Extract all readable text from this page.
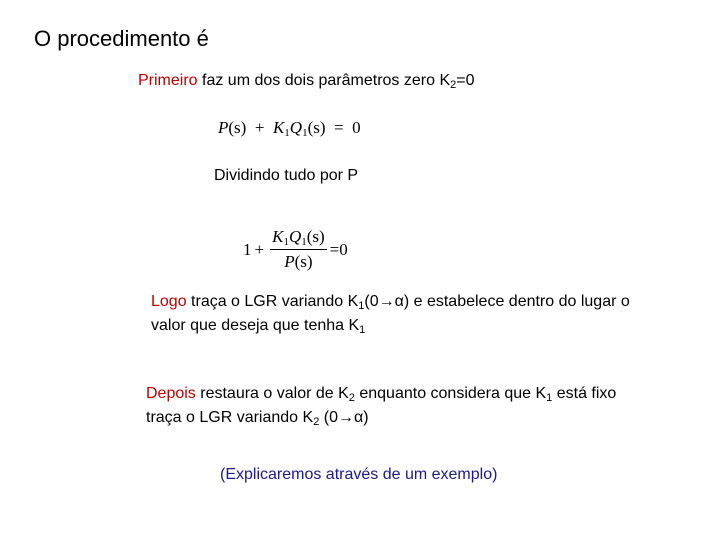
O procedimento é
Primeiro faz um dos dois parâmetros zero $K_2=0$
$P(s) + K_1Q_1(s) = 0$
Dividindo tudo por P
$1 + \frac{K_1Q_1(s)}{P(s)} = 0$
Logo traça o LGR variando $K_1(0\to\alpha)$ e estabelece dentro do lugar o
valor que deseja que tenha $K_1$
Depois restaura o valor de $K_2$ enquanto considera que $K_1$ está fixo
traça o LGR variando $K_2$ (0→α)
(Explicaremos através de um exemplo)
